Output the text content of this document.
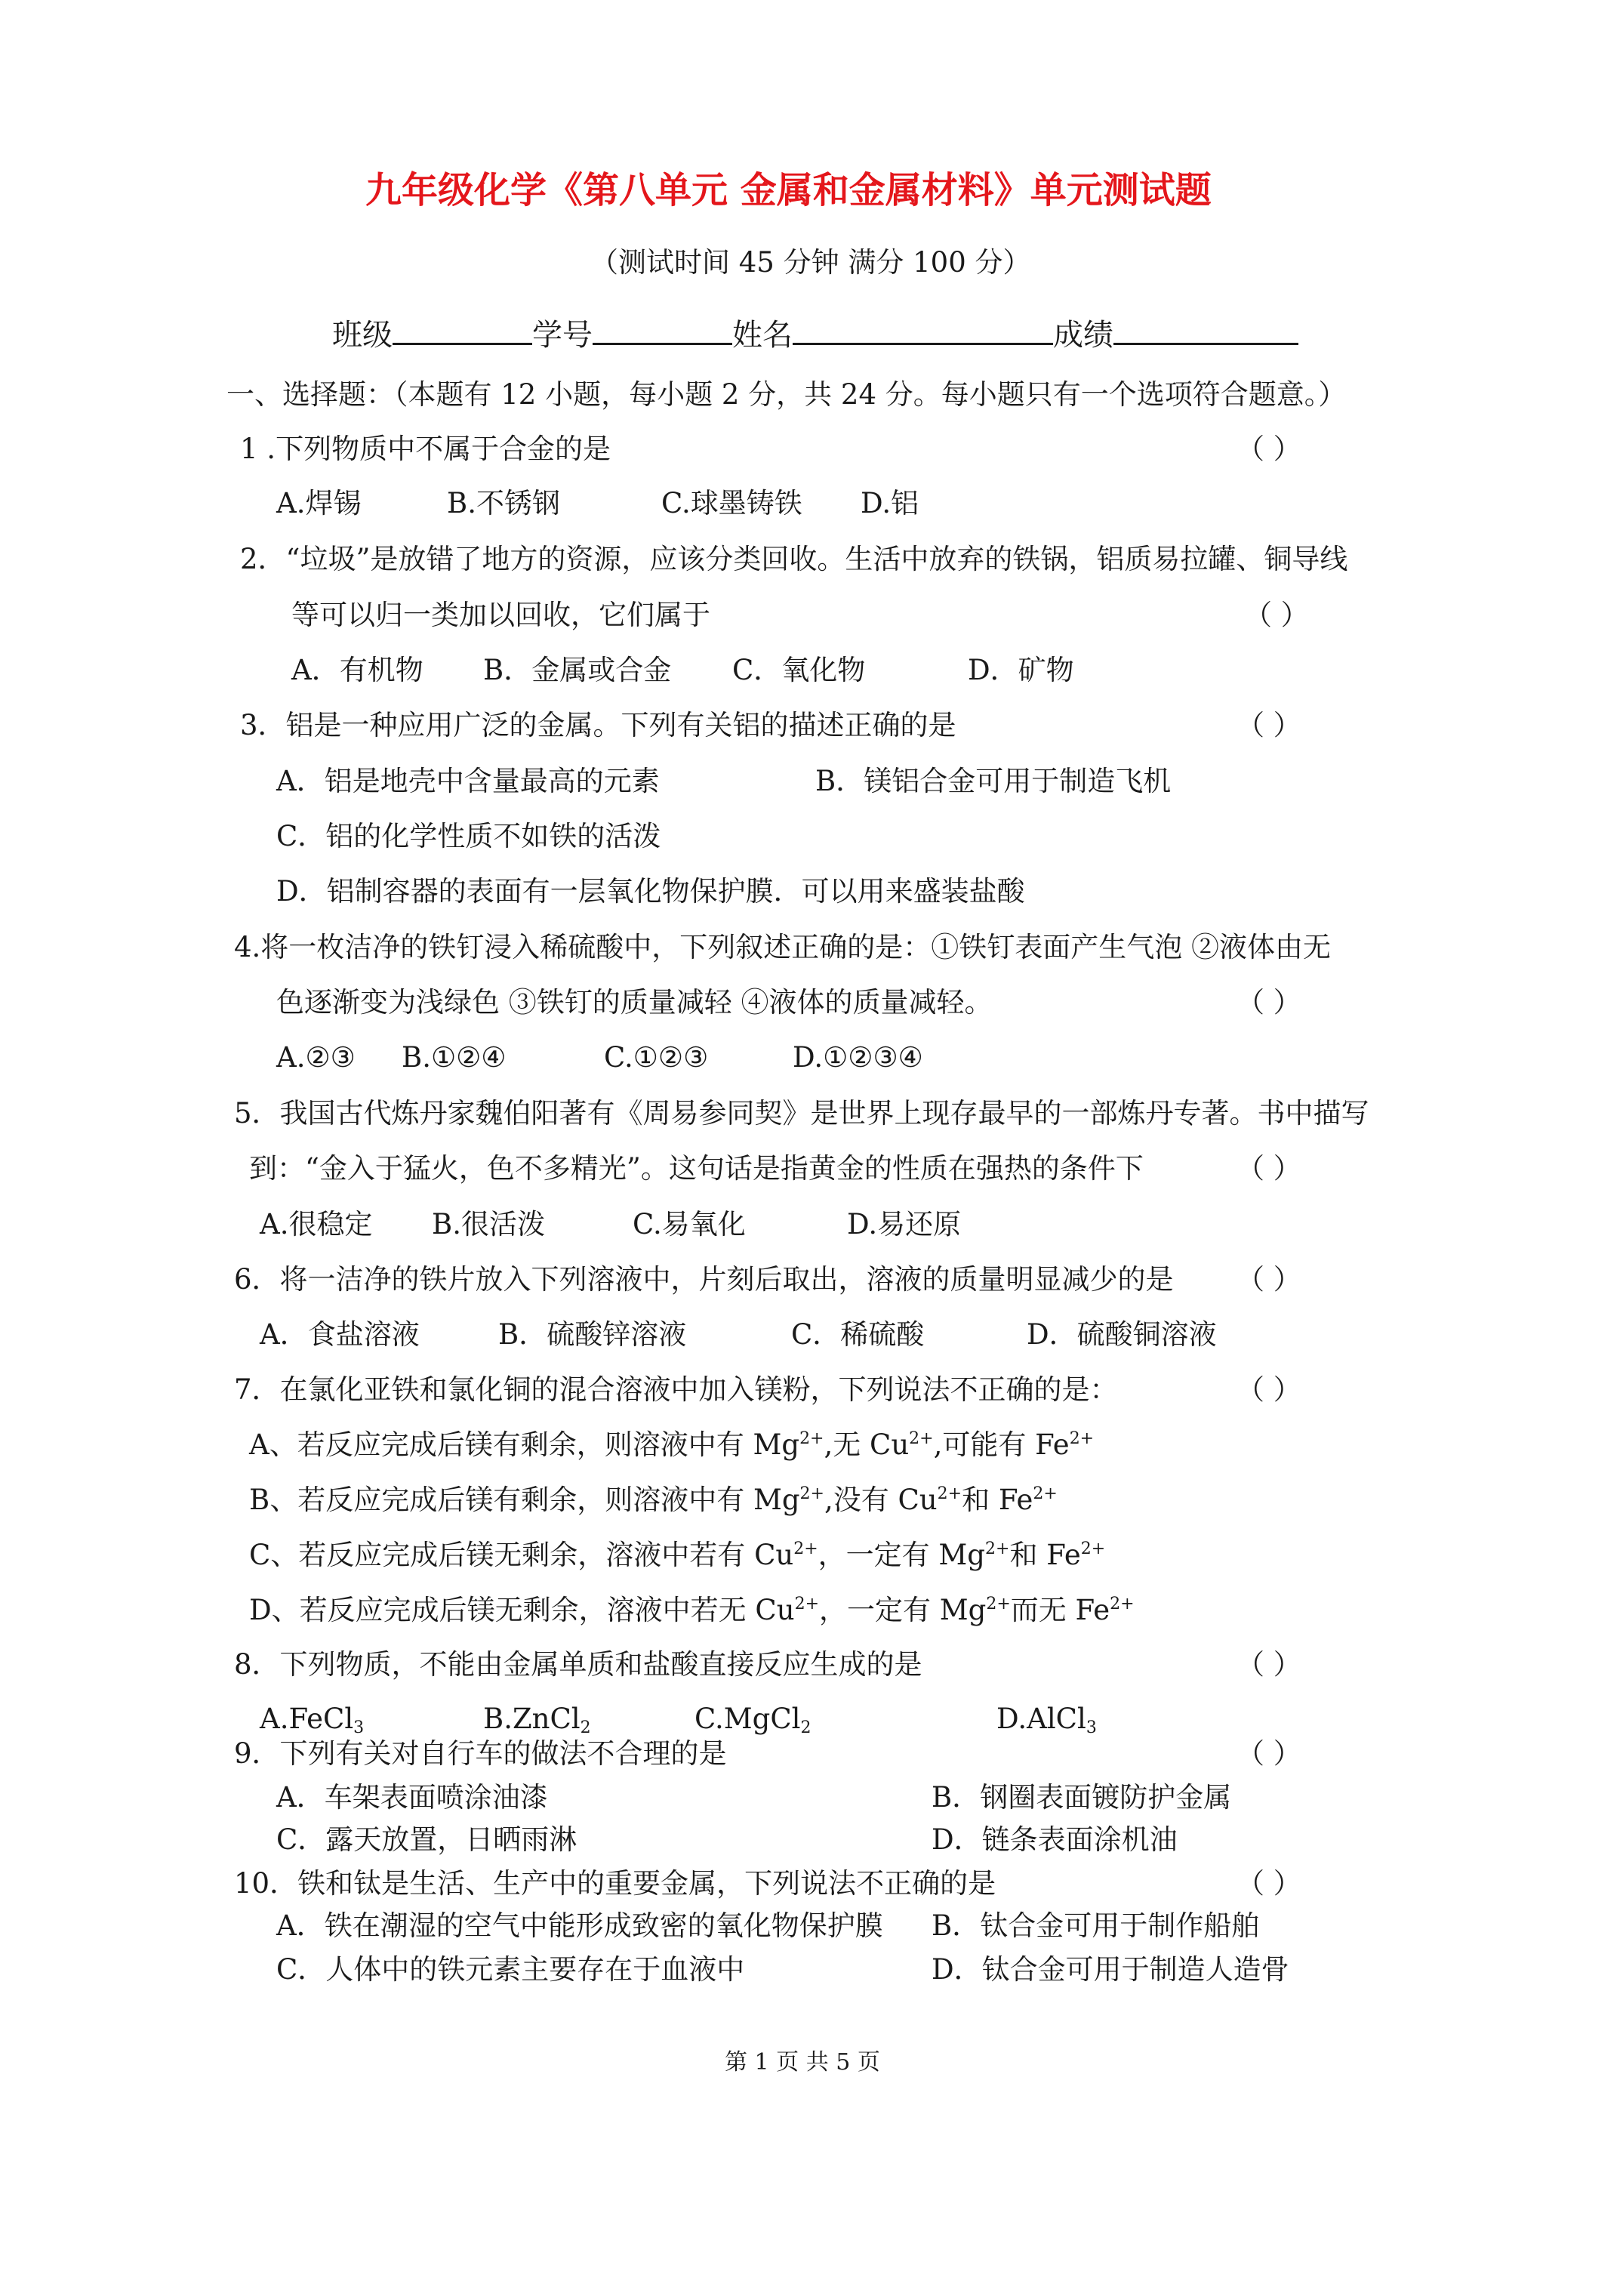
九年级化学《第八单元 金属和金属材料》单元测试题
（测试时间 45 分钟 满分 100 分）
班级	学号	姓名	成绩
一、选择题：（本题有 12 小题，每小题 2 分，共 24 分。每小题只有一个选项符合题意。）
1 .下列物质中不属于合金的是	（ ）
A.焊锡	B.不锈钢	C.球墨铸铁 D.铝
2．“垃圾”是放错了地方的资源，应该分类回收。生活中放弃的铁锅，铝质易拉罐、铜导线
等可以归一类加以回收，它们属于	（ ）
A．有机物 B．金属或合金 C．氧化物	D．矿物
3．铝是一种应用广泛的金属。下列有关铝的描述正确的是	（ ）
A．铝是地壳中含量最高的元素	B．镁铝合金可用于制造飞机
C．铝的化学性质不如铁的活泼
D．铝制容器的表面有一层氧化物保护膜．可以用来盛装盐酸
4.将一枚洁净的铁钉浸入稀硫酸中，下列叙述正确的是：①铁钉表面产生气泡 ②液体由无
色逐渐变为浅绿色 ③铁钉的质量减轻 ④液体的质量减轻。	（ ）
A.②③ B.①②④	C.①②③	D.①②③④
5．我国古代炼丹家魏伯阳著有《周易参同契》是世界上现存最早的一部炼丹专著。书中描写
到：“金入于猛火，色不多精光”。这句话是指黄金的性质在强热的条件下	（ ）
A.很稳定 B.很活泼	C.易氧化	D.易还原
6．将一洁净的铁片放入下列溶液中，片刻后取出，溶液的质量明显减少的是 （ ）
A．食盐溶液	B．硫酸锌溶液	C．稀硫酸	D．硫酸铜溶液
7．在氯化亚铁和氯化铜的混合溶液中加入镁粉，下列说法不正确的是：	（ ）
A、若反应完成后镁有剩余，则溶液中有 $Mg^{2+}$,无 $Cu^{2+}$,可能有 $Fe^{2+}$
B、若反应完成后镁有剩余，则溶液中有 $Mg^{2+}$,没有 $Cu^{2+}$和 $Fe^{2+}$
C、若反应完成后镁无剩余，溶液中若有 $Cu^{2+}$，一定有 $Mg^{2+}$和 $Fe^{2+}$
D、若反应完成后镁无剩余，溶液中若无 $Cu^{2+}$，一定有 $Mg^{2+}$而无 $Fe^{2+}$
8．下列物质，不能由金属单质和盐酸直接反应生成的是	（ ）
A.FeCl$_3$	B.ZnCl$_2$	C.MgCl$_2$	D.AlCl$_3$
9．下列有关对自行车的做法不合理的是	（ ）
A．车架表面喷涂油漆	B．钢圈表面镀防护金属
C．露天放置，日晒雨淋	D．链条表面涂机油
10．铁和钛是生活、生产中的重要金属，下列说法不正确的是	（ ）
A．铁在潮湿的空气中能形成致密的氧化物保护膜 B．钛合金可用于制作船舶
C．人体中的铁元素主要存在于血液中	D．钛合金可用于制造人造骨
第 1 页 共 5 页
